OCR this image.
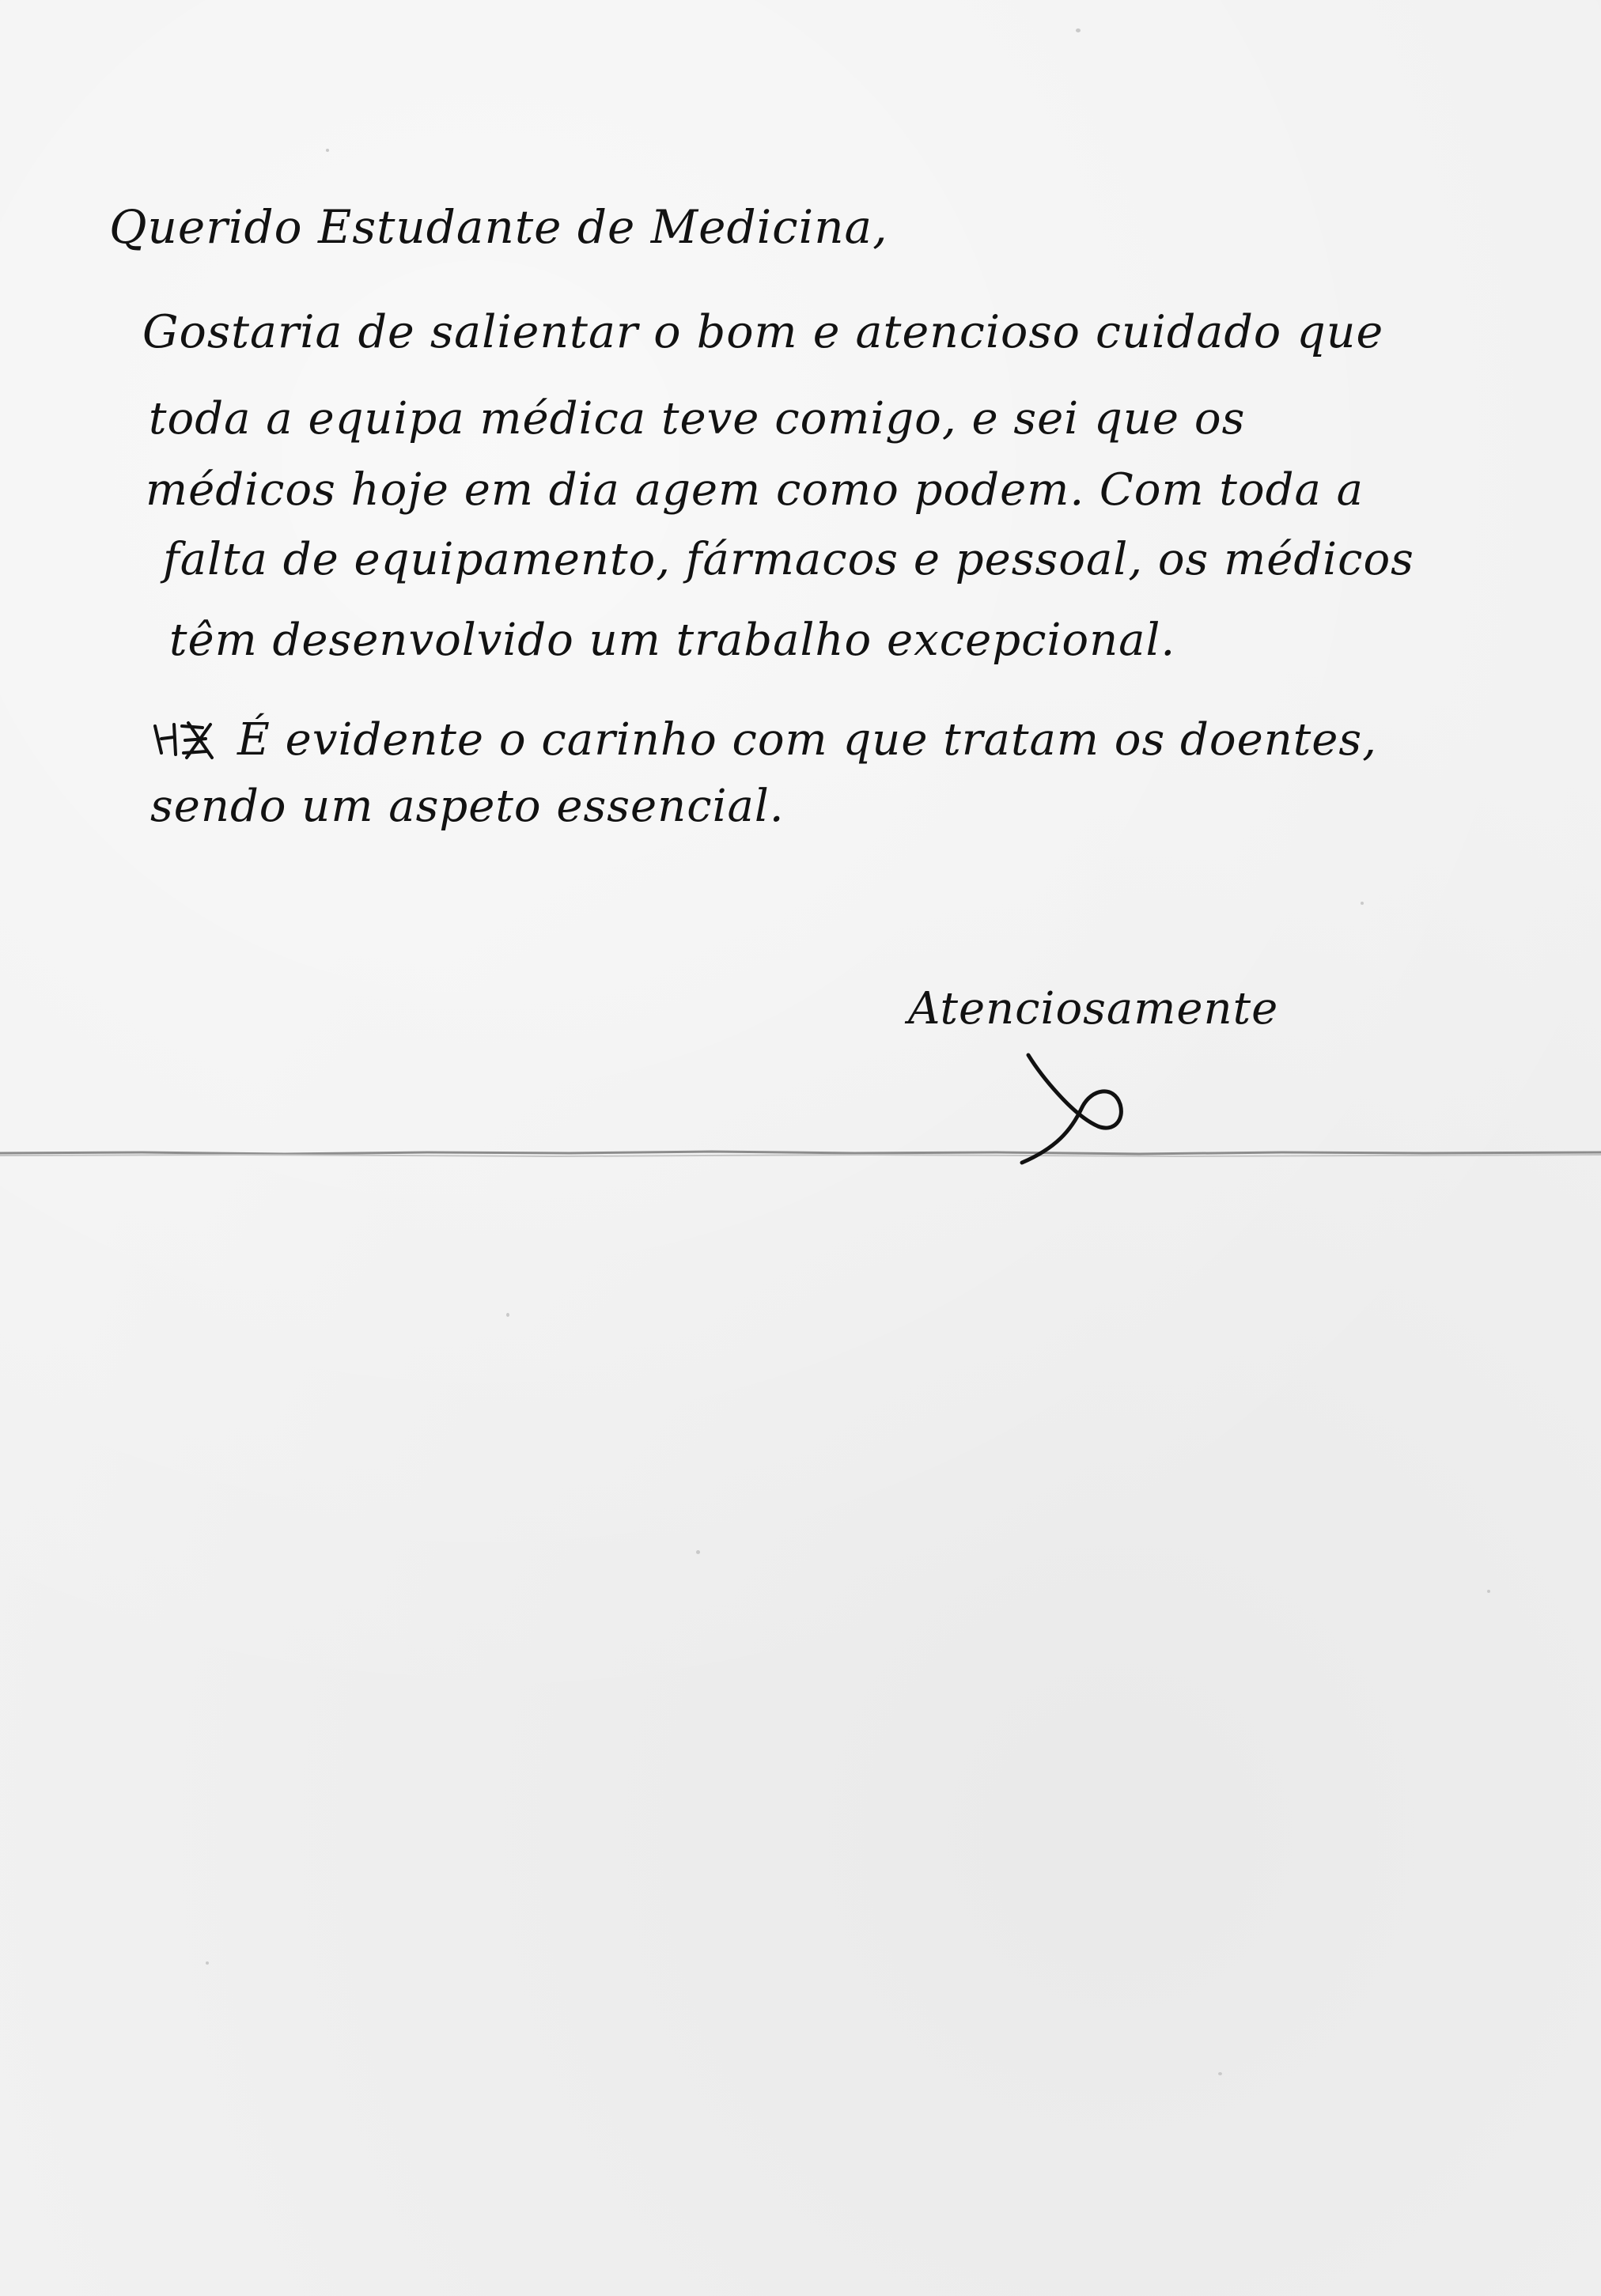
Querido Estudante de Medicina,
Gostaria de salientar o bom e atencioso cuidado que
toda a equipa médica teve comigo, e sei que os
médicos hoje em dia agem como podem. Com toda a
falta de equipamento, fármacos e pessoal, os médicos
têm desenvolvido um trabalho excepcional.
É evidente o carinho com que tratam os doentes,
sendo um aspeto essencial.
Atenciosamente
